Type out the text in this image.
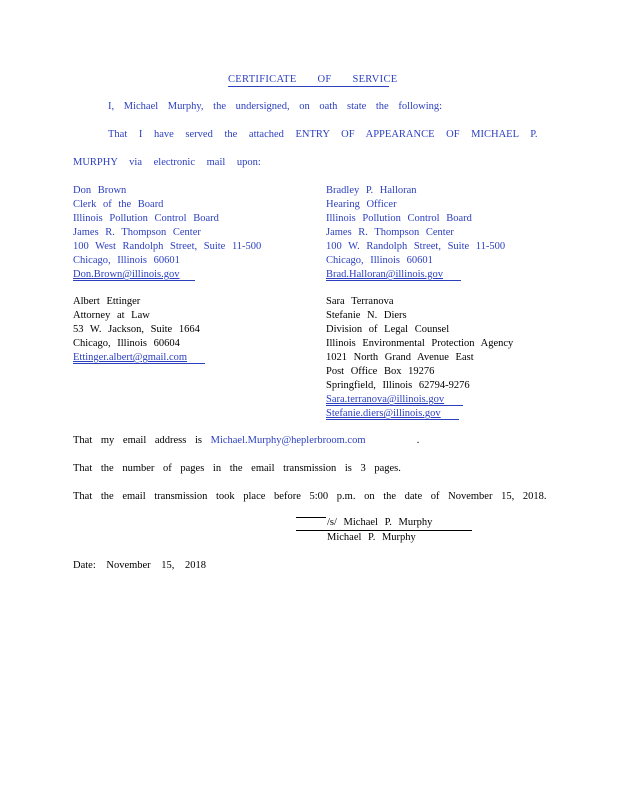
CERTIFICATE OF SERVICE
I, Michael Murphy, the undersigned, on oath state the following:
That I have served the attached ENTRY OF APPEARANCE OF MICHAEL P.
MURPHY via electronic mail upon:
Don Brown
Clerk of the Board
Illinois Pollution Control Board
James R. Thompson Center
100 West Randolph Street, Suite 11-500
Chicago, Illinois 60601
Don.Brown@illinois.gov
Bradley P. Halloran
Hearing Officer
Illinois Pollution Control Board
James R. Thompson Center
100 W. Randolph Street, Suite 11-500
Chicago, Illinois 60601
Brad.Halloran@illinois.gov
Albert Ettinger
Attorney at Law
53 W. Jackson, Suite 1664
Chicago, Illinois 60604
Ettinger.albert@gmail.com
Sara Terranova
Stefanie N. Diers
Division of Legal Counsel
Illinois Environmental Protection Agency
1021 North Grand Avenue East
Post Office Box 19276
Springfield, Illinois 62794-9276
Sara.terranova@illinois.gov
Stefanie.diers@illinois.gov
That my email address is Michael.Murphy@heplerbroom.com	.
That the number of pages in the email transmission is 3 pages.
That the email transmission took place before 5:00 p.m. on the date of November 15, 2018.
/s/ Michael P. Murphy
Michael P. Murphy
Date: November 15, 2018
